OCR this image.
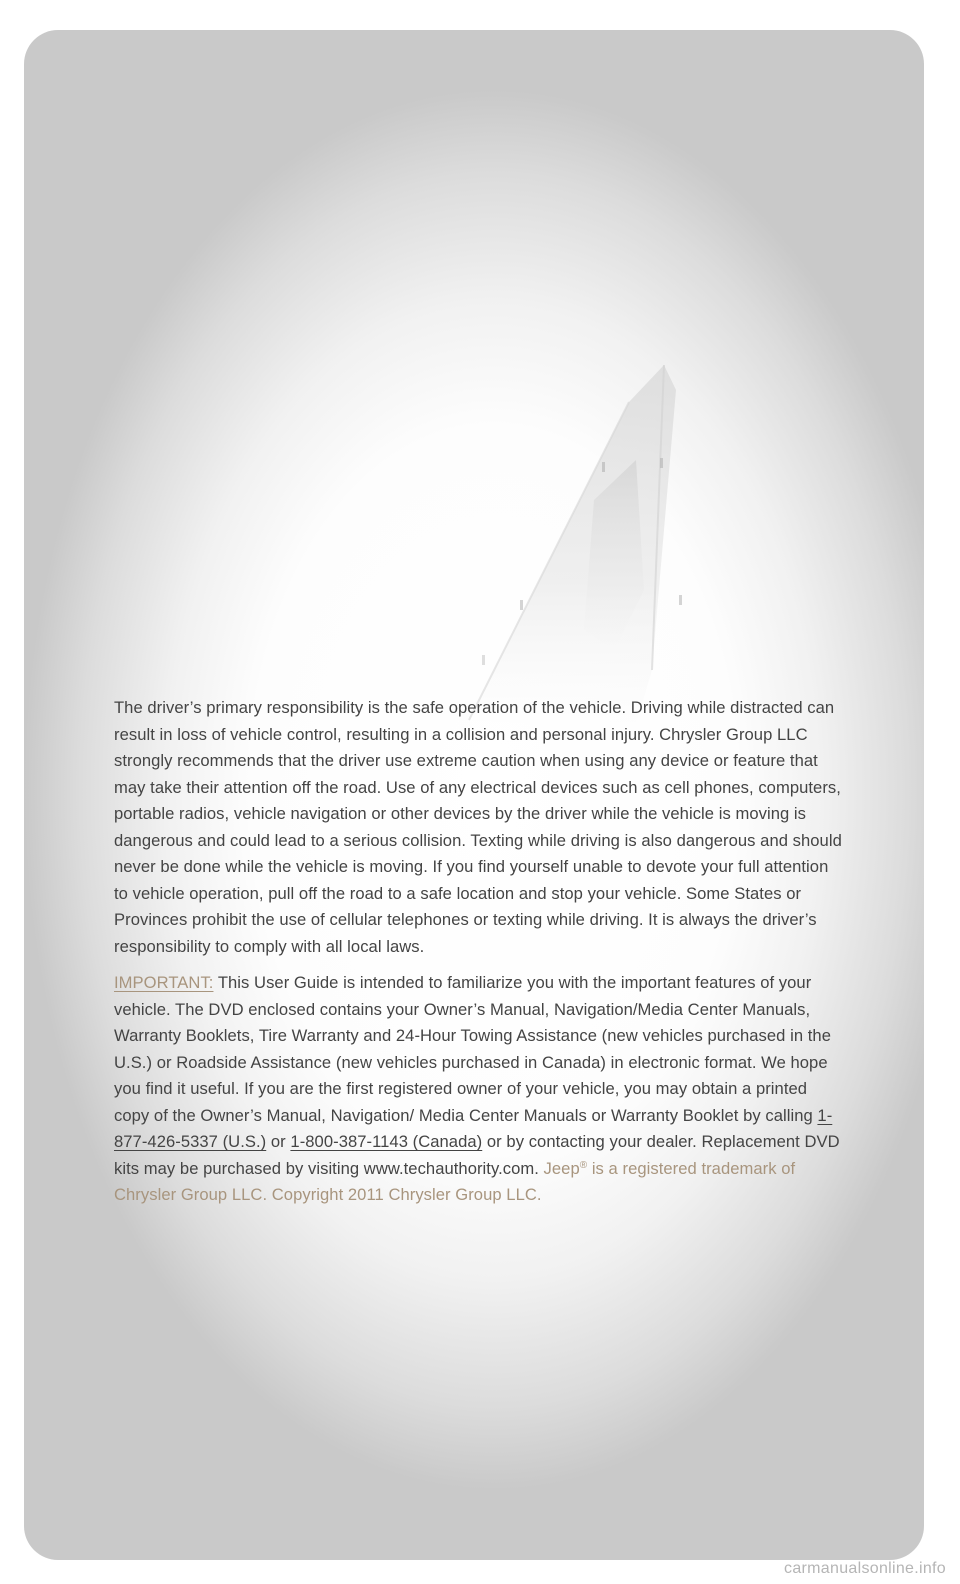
The driver’s primary responsibility is the safe operation of the vehicle. Driving while distracted can result in loss of vehicle control, resulting in a collision and personal injury. Chrysler Group LLC strongly recommends that the driver use extreme caution when using any device or feature that may take their attention off the road. Use of any electrical devices such as cell phones, computers, portable radios, vehicle navigation or other devices by the driver while the vehicle is moving is dangerous and could lead to a serious collision. Texting while driving is also dangerous and should never be done while the vehicle is moving. If you find yourself unable to devote your full attention to vehicle operation, pull off the road to a safe location and stop your vehicle. Some States or Provinces prohibit the use of cellular telephones or texting while driving. It is always the driver’s responsibility to comply with all local laws.

IMPORTANT: This User Guide is intended to familiarize you with the important features of your vehicle. The DVD enclosed contains your Owner’s Manual, Navigation/Media Center Manuals, Warranty Booklets, Tire Warranty and 24-Hour Towing Assistance (new vehicles purchased in the U.S.) or Roadside Assistance (new vehicles purchased in Canada) in electronic format. We hope you find it useful. If you are the first registered owner of your vehicle, you may obtain a printed copy of the Owner’s Manual, Navigation/ Media Center Manuals or Warranty Booklet by calling 1-877-426-5337 (U.S.) or 1-800-387-1143 (Canada) or by contacting your dealer. Replacement DVD kits may be purchased by visiting www.techauthority.com. Jeep® is a registered trademark of Chrysler Group LLC. Copyright 2011 Chrysler Group LLC.

carmanualsonline.info
